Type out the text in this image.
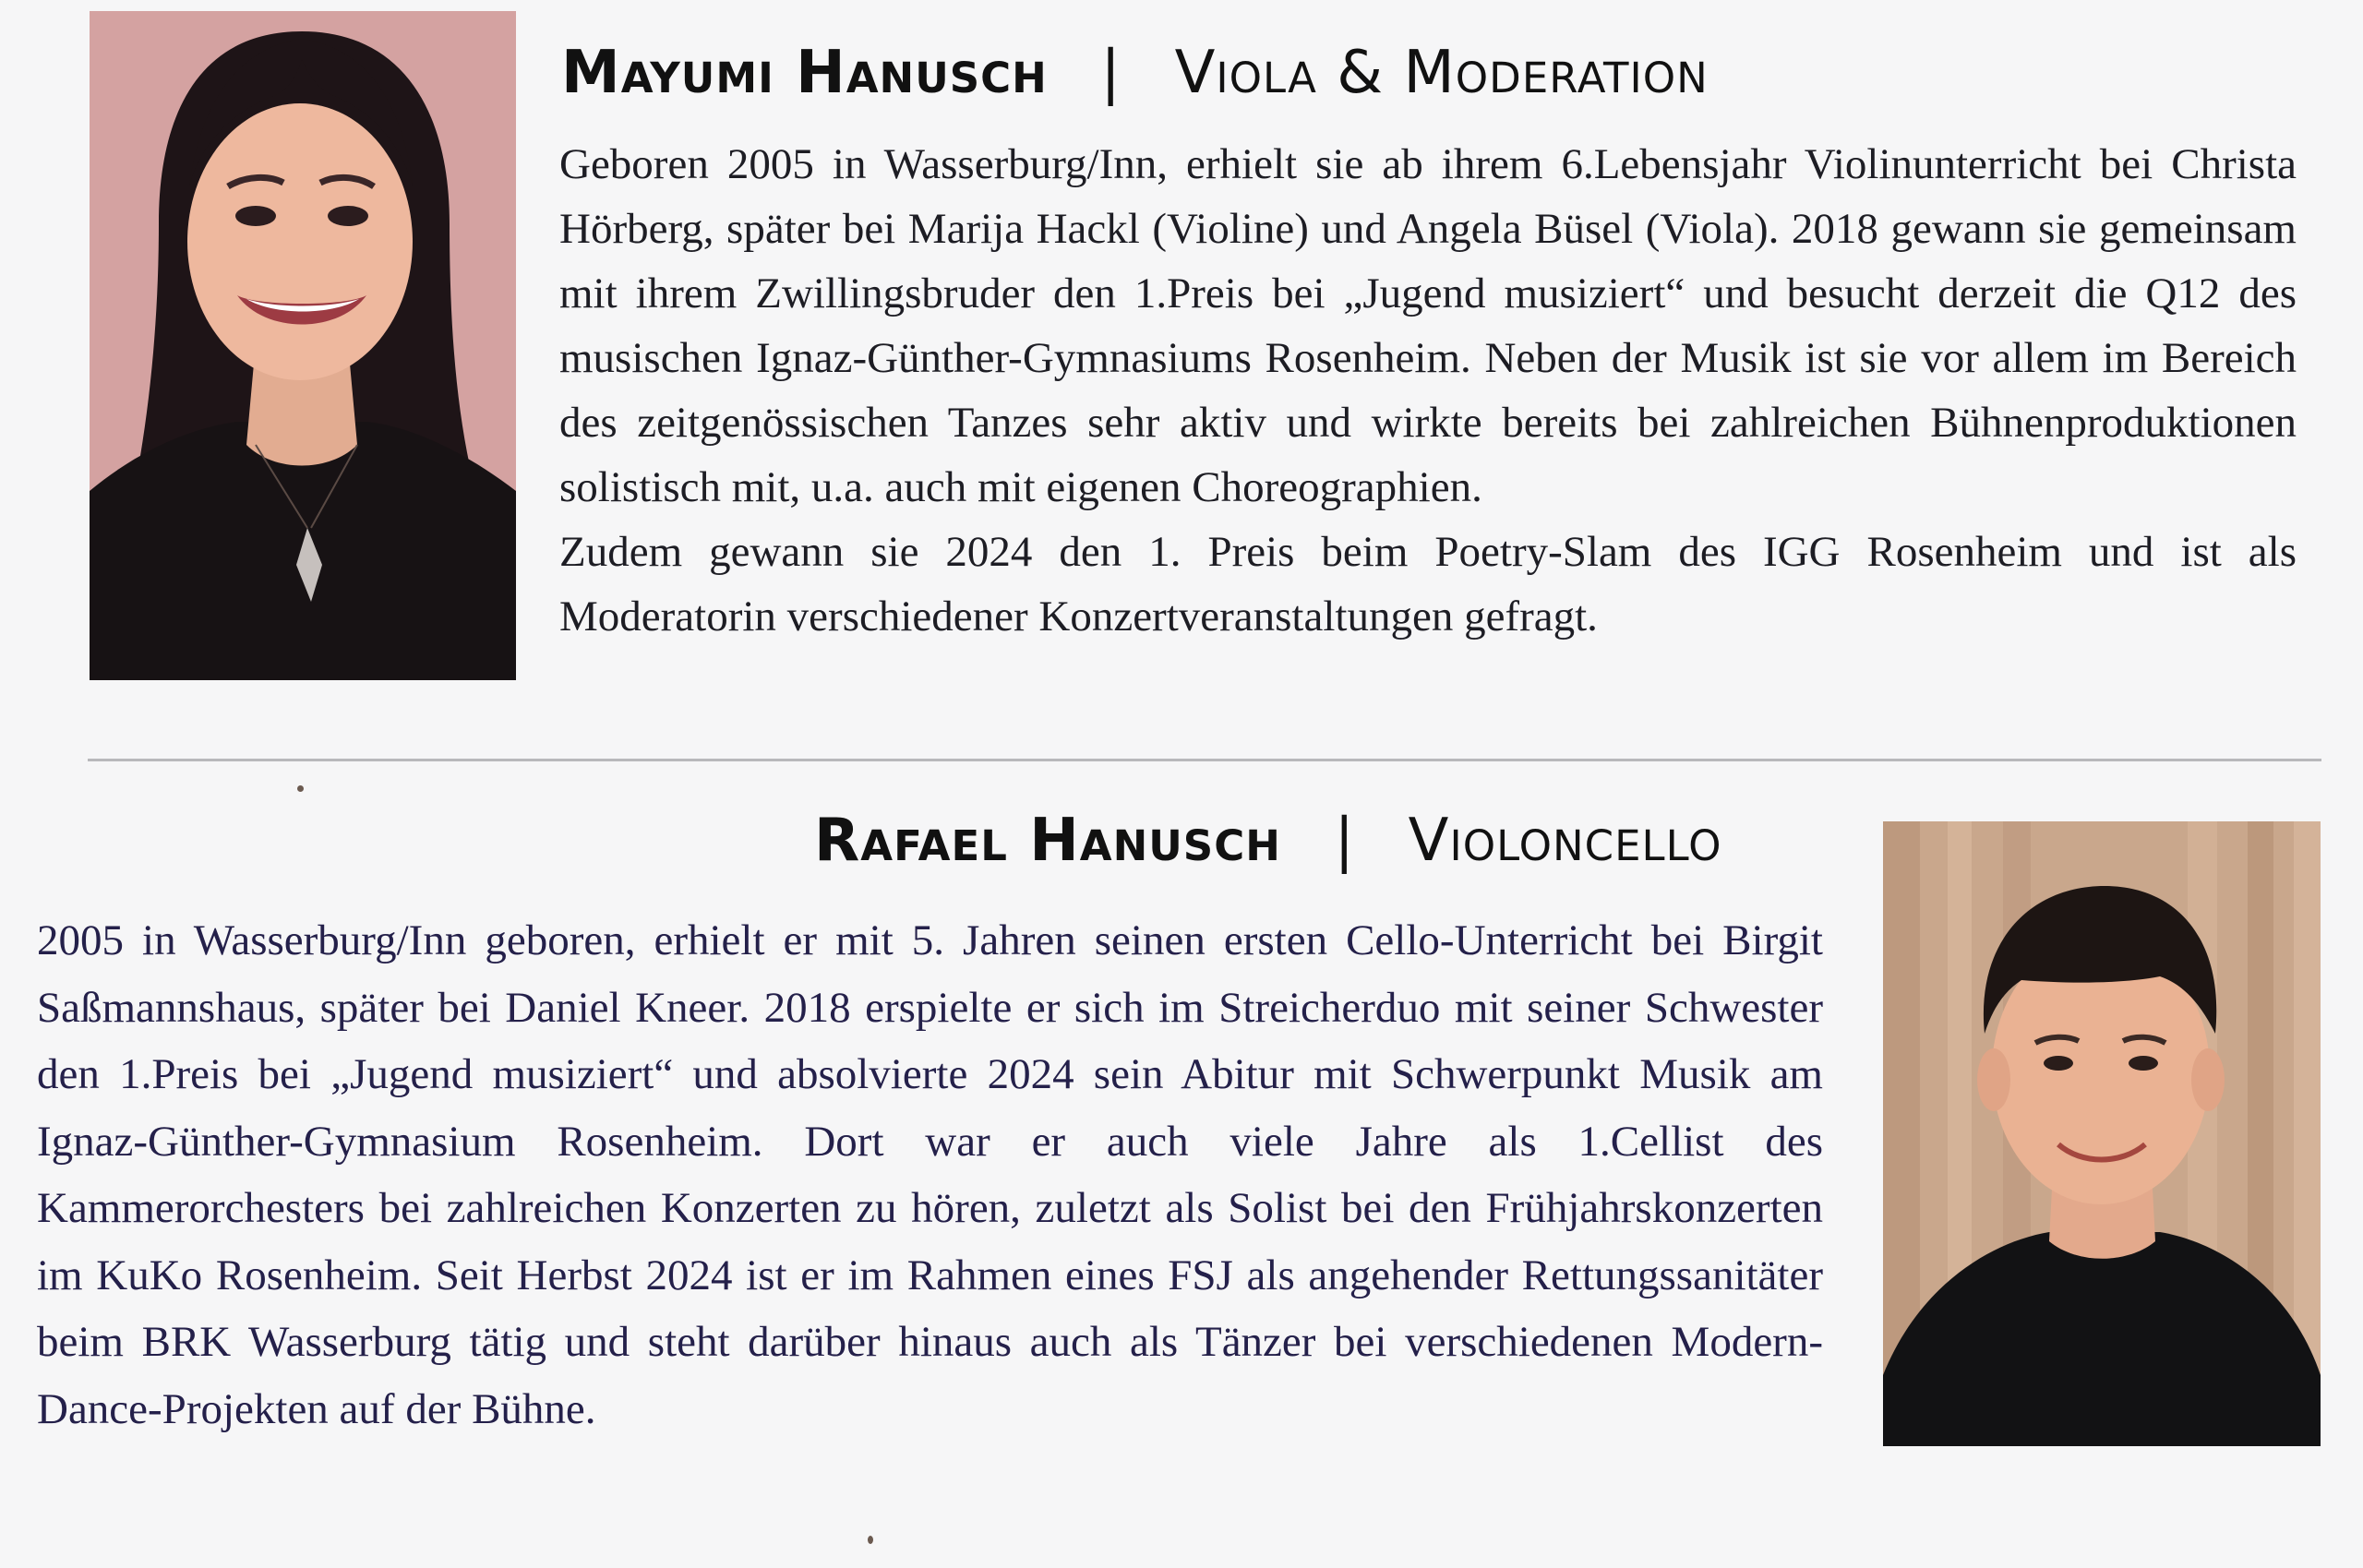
Mayumi Hanusch | Viola & Moderation

Geboren 2005 in Wasserburg/Inn, erhielt sie ab ihrem 6.Lebensjahr Violinunterricht bei Christa Hörberg, später bei Marija Hackl (Violine) und Angela Büsel (Viola). 2018 gewann sie gemeinsam mit ihrem Zwillingsbruder den 1.Preis bei „Jugend musiziert“ und besucht derzeit die Q12 des musischen Ignaz-Günther-Gymnasiums Rosenheim. Neben der Musik ist sie vor allem im Bereich des zeitgenössischen Tanzes sehr aktiv und wirkte bereits bei zahlreichen Bühnenproduktionen solistisch mit, u.a. auch mit eigenen Choreographien.

Zudem gewann sie 2024 den 1. Preis beim Poetry-Slam des IGG Rosenheim und ist als Moderatorin verschiedener Konzertveranstaltungen gefragt.

Rafael Hanusch | Violoncello

2005 in Wasserburg/Inn geboren, erhielt er mit 5. Jahren seinen ersten Cello-Unterricht bei Birgit Saßmannshaus, später bei Daniel Kneer. 2018 erspielte er sich im Streicherduo mit seiner Schwester den 1.Preis bei „Jugend musiziert“ und absolvierte 2024 sein Abitur mit Schwerpunkt Musik am Ignaz-Günther-Gymnasium Rosenheim. Dort war er auch viele Jahre als 1.Cellist des Kammerorchesters bei zahlreichen Konzerten zu hören, zuletzt als Solist bei den Frühjahrskonzerten im KuKo Rosenheim. Seit Herbst 2024 ist er im Rahmen eines FSJ als angehender Rettungssanitäter beim BRK Wasserburg tätig und steht darüber hinaus auch als Tänzer bei verschiedenen Modern-Dance-Projekten auf der Bühne.
